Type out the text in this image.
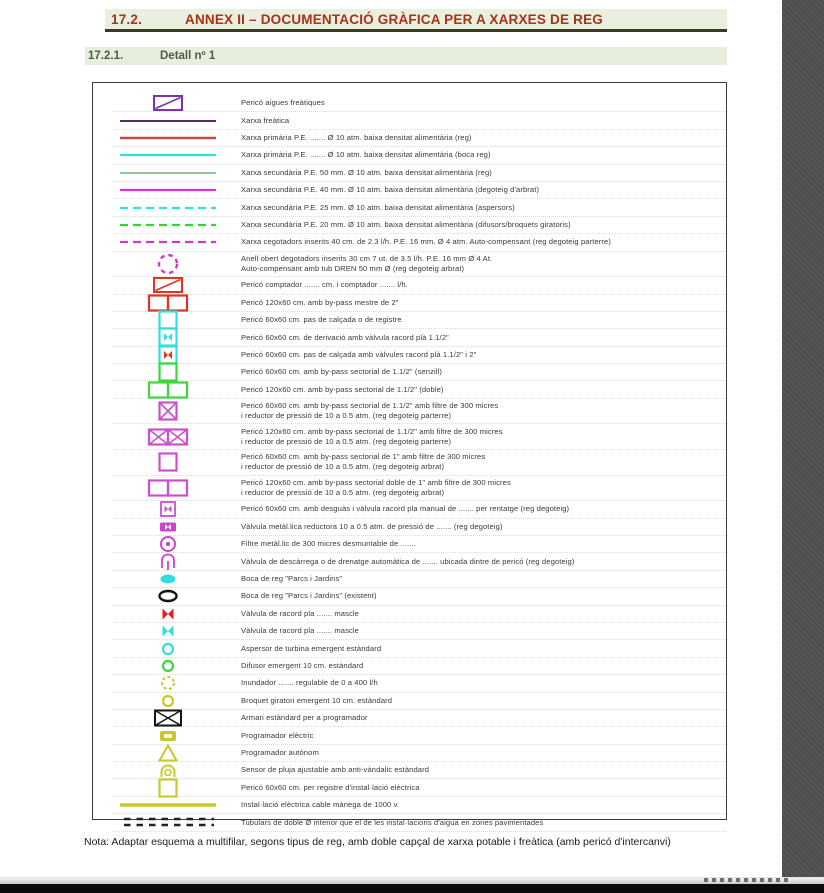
17.2.	ANNEX II – DOCUMENTACIÓ GRÀFICA PER A XARXES DE REG
17.2.1.	Detall nº 1
Pericó aigues freàtiques
Xarxa freàtica
Xarxa primària P.E. ....... Ø 10 atm. baixa densitat alimentària (reg)
Xarxa primària P.E. ....... Ø 10 atm. baixa densitat alimentària (boca reg)
Xarxa secundària P.E. 50 mm. Ø 10 atm. baixa densitat alimentària (reg)
Xarxa secundària P.E. 40 mm. Ø 10 atm. baixa densitat alimentària (degoteig d'arbrat)
Xarxa secundària P.E. 25 mm. Ø 10 atm. baixa densitat alimentària (aspersors)
Xarxa secundària P.E. 20 mm. Ø 10 atm. baixa densitat alimentària (difusors/broquets giratoris)
Xarxa cegotadors inserits 40 cm. de 2.3 l/h. P.E. 16 mm. Ø 4 atm. Auto-compensant (reg degoteig parterre)
Anell obert degotadors inserits 30 cm 7 ut. de 3.5 l/h. P.E. 16 mm Ø 4 At.
Auto-compensant amb tub DREN 50 mm Ø (reg degoteig arbrat)
Pericó comptador ....... cm. i comptador ....... l/h.
Pericó 120x60 cm. amb by-pass mestre de 2"
Pericó 60x60 cm. pas de calçada o de registre
Pericó 60x60 cm. de derivació amb vàlvula racord plà 1.1/2"
Pericó 60x60 cm. pas de calçada amb vàlvules racord plà 1.1/2" i 2"
Pericó 60x60 cm. amb by-pass sectorial de 1.1/2" (senzill)
Pericó 120x60 cm. amb by-pass sectorial de 1.1/2" (doble)
Pericó 60x60 cm. amb by-pass sectorial de 1.1/2" amb filtre de 300 micres
i reductor de pressió de 10 a 0.5 atm. (reg degoteig parterre)
Pericó 120x60 cm. amb by-pass sectorial de 1.1/2" amb filtre de 300 micres
i reductor de pressió de 10 a 0.5 atm. (reg degoteig parterre)
Pericó 60x60 cm. amb by-pass sectorial de 1" amb filtre de 300 micres
i reductor de pressió de 10 a 0.5 atm. (reg degoteig arbrat)
Pericó 120x60 cm. amb by-pass sectorial doble de 1" amb filtre de 300 micres
i reductor de pressió de 10 a 0.5 atm. (reg degoteig arbrat)
Pericó 60x60 cm. amb desguàs i vàlvula racord pla manual de ....... per rentatge (reg degoteig)
Vàlvula metàl.lica reductora 10 a 0.5 atm. de pressió de ....... (reg degoteig)
Filtre metàl.lic de 300 micres desmuntable de .......
Vàlvula de descàrrega o de drenatge automàtica de ....... ubicada dintre de pericó (reg degoteig)
Boca de reg "Parcs i Jardins"
Boca de reg "Parcs i Jardins" (existent)
Vàlvula de racord pla ....... mascle
Vàlvula de racord pla ....... mascle
Aspersor de turbina emergent estàndard
Difusor emergent 10 cm. estàndard
Inundador ....... regulable de 0 a 400 l/h
Broquet giratori emergent 10 cm. estàndard
Armari estàndard per a programador
Programador elèctric
Programador autònom
Sensor de pluja ajustable amb anti-vàndalic estàndard
Pericó 60x60 cm. per registre d'instal·lació elèctrica
Instal·lació elèctrica cable mànega de 1000 v.
Tubulars de doble Ø interior que el de les instal·lacions d'aigua en zones pavimentades
Nota: Adaptar esquema a multifilar, segons tipus de reg, amb doble capçal de xarxa potable i freàtica (amb pericó d'intercanvi)
